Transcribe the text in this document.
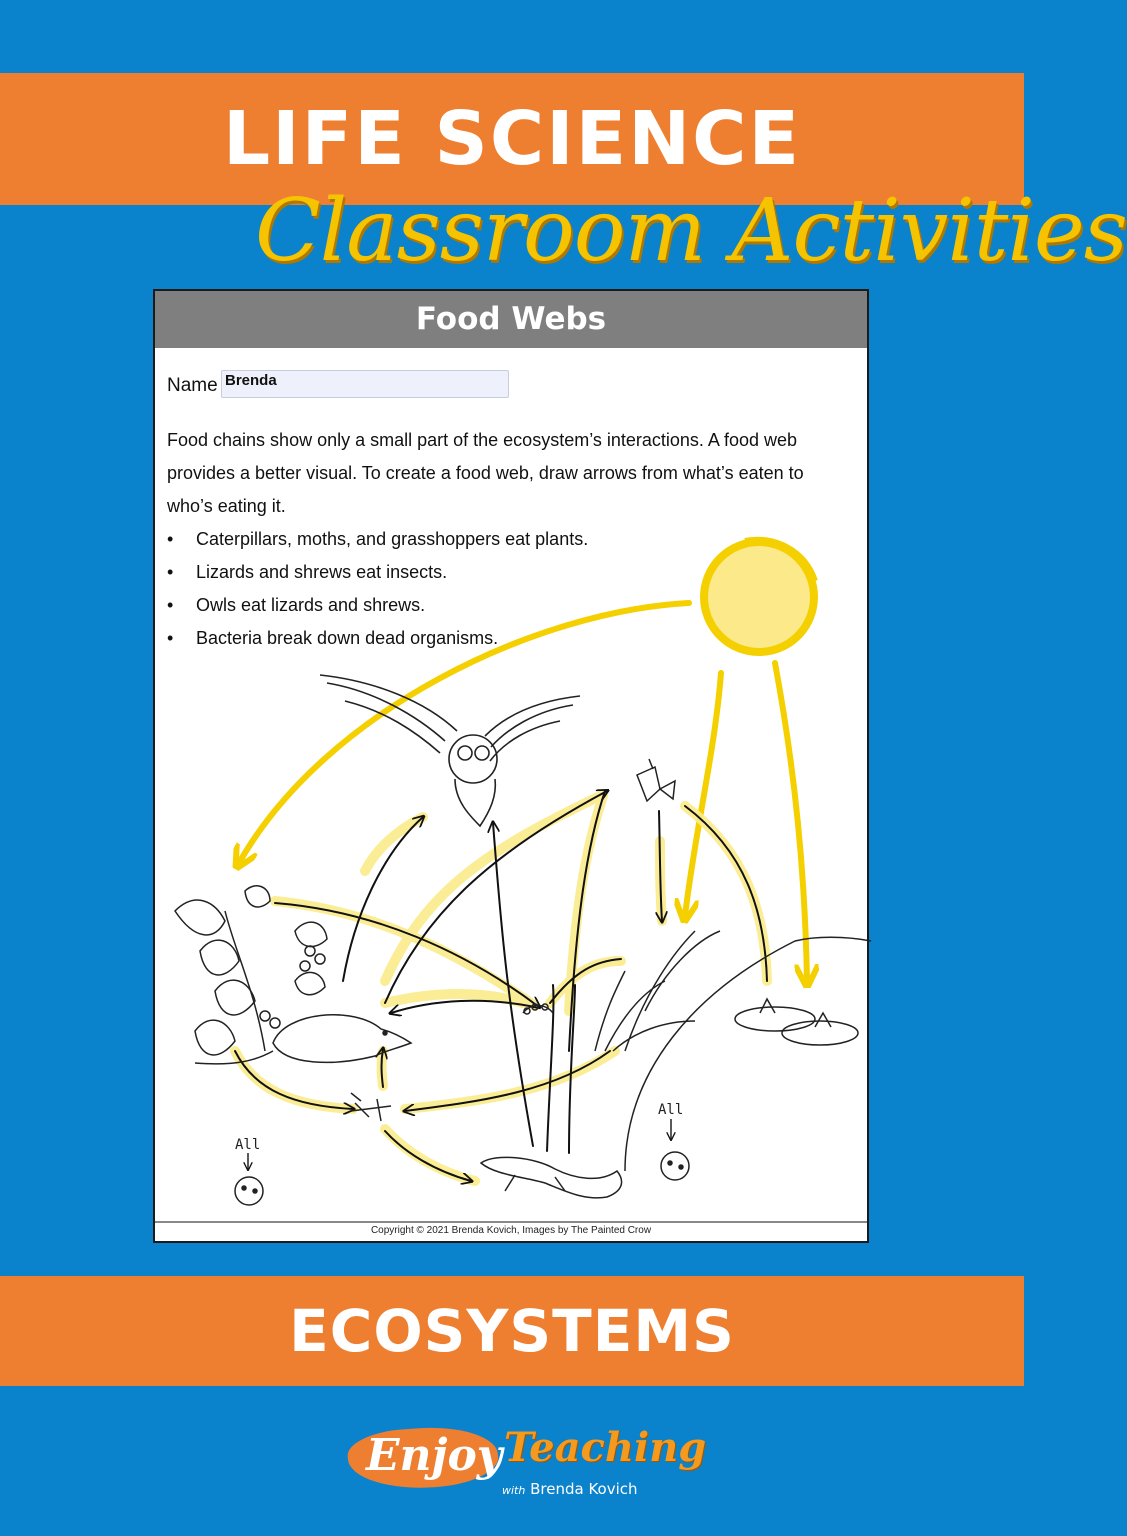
LIFE SCIENCE
Classroom Activities
Food Webs
Name Brenda

Food chains show only a small part of the ecosystem’s interactions. A food web provides a better visual. To create a food web, draw arrows from what’s eaten to who’s eating it.

• Caterpillars, moths, and grasshoppers eat plants.
• Lizards and shrews eat insects.
• Owls eat lizards and shrews.
• Bacteria break down dead organisms.
All
All
Copyright © 2021 Brenda Kovich, Images by The Painted Crow
ECOSYSTEMS
Enjoy Teaching
with Brenda Kovich
